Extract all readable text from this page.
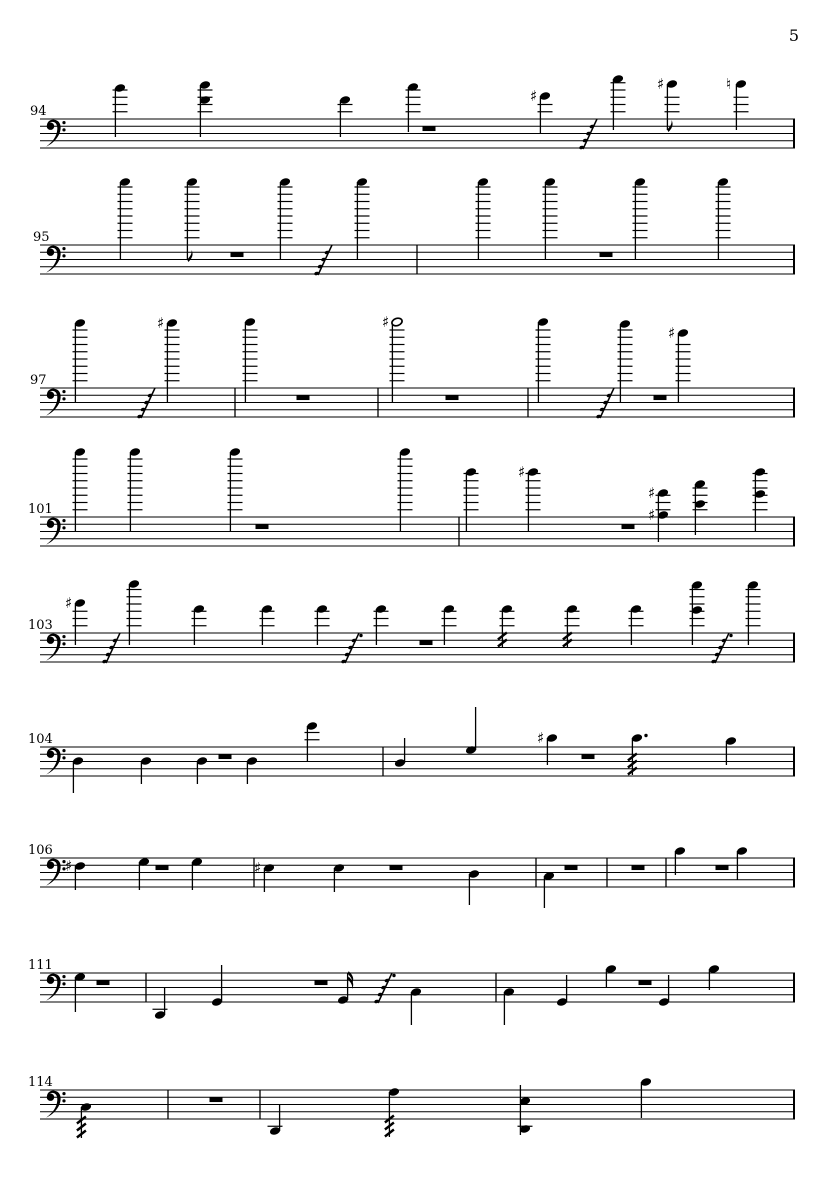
5
94
♯
♯	♮
95
97
♯	♯
♯
101
♯
♯
♯
103
♯
104	♯
106
♯	♯
111
114
